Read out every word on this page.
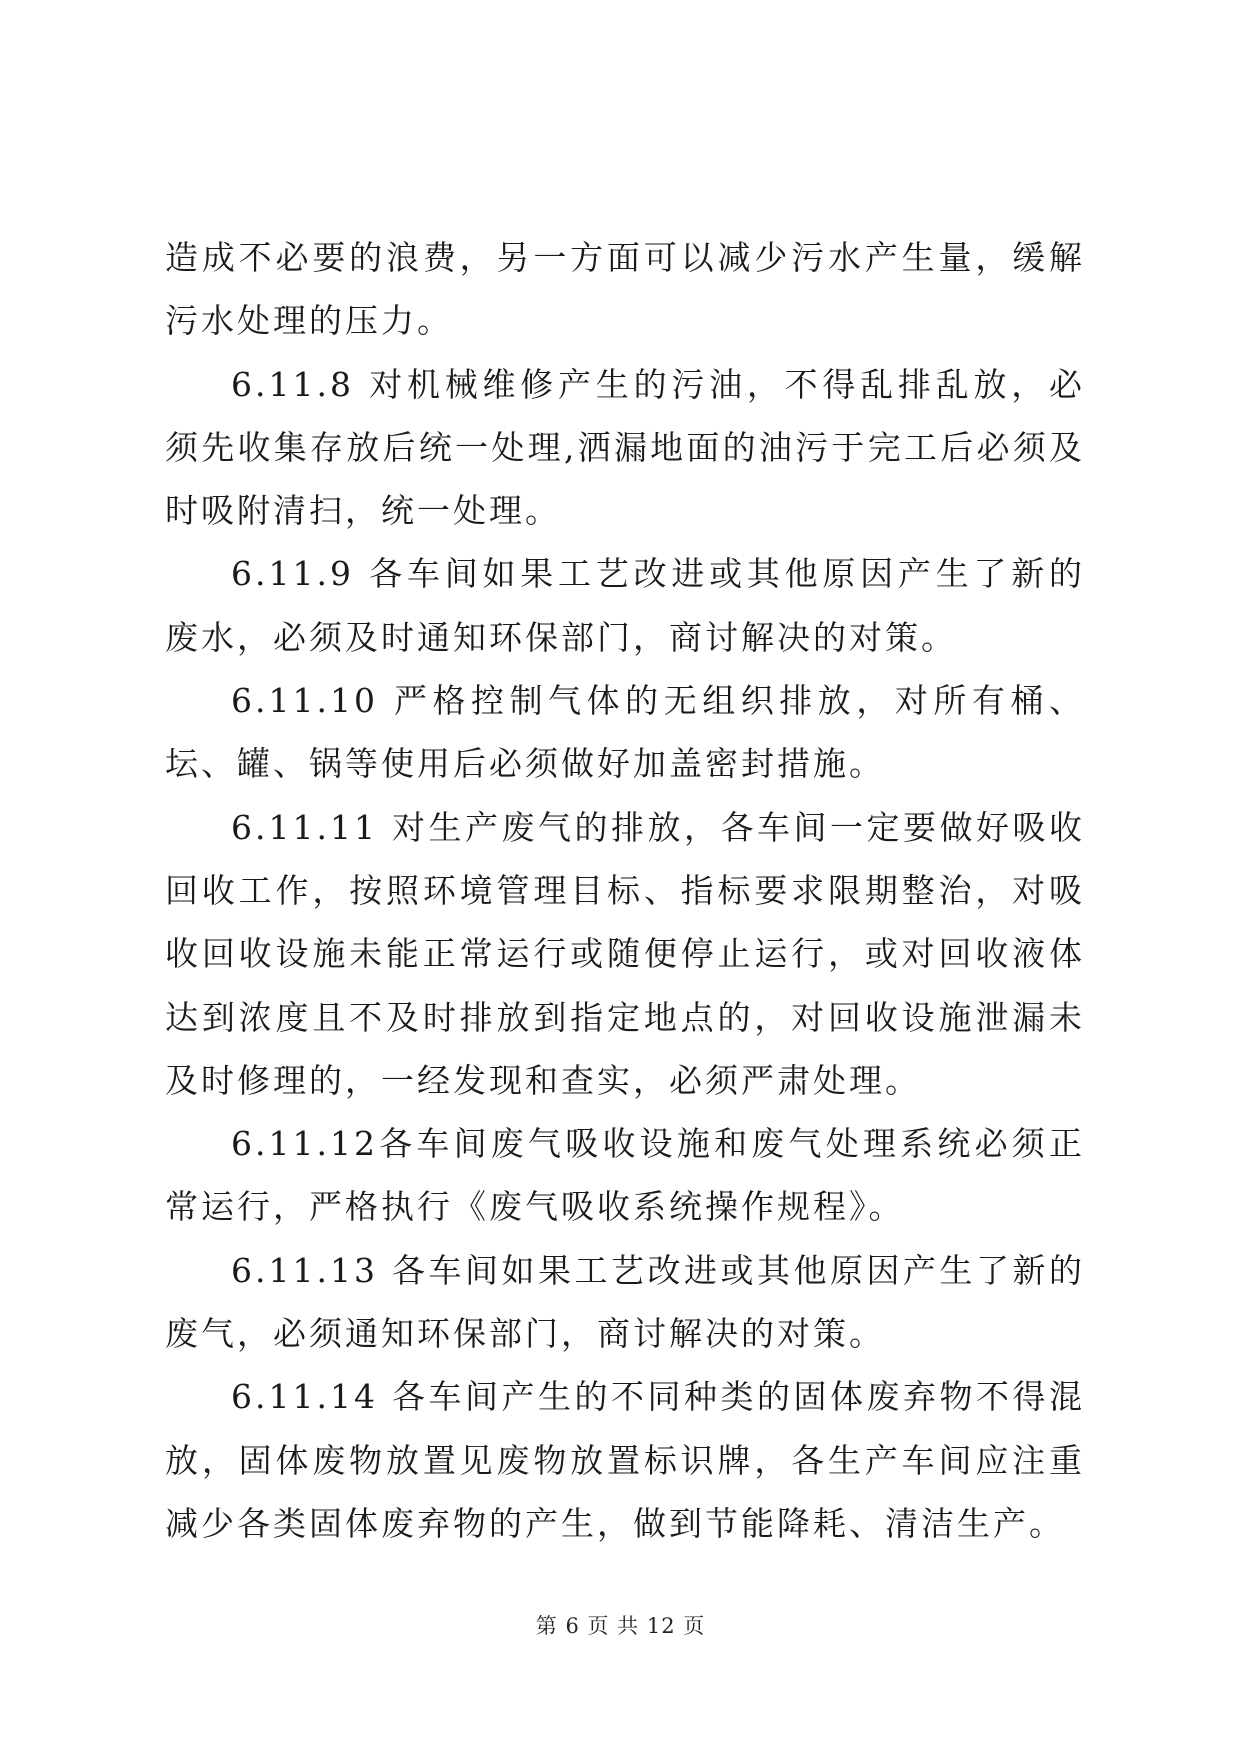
造成不必要的浪费，另一方面可以减少污水产生量，缓解污水处理的压力。

6.11.8 对机械维修产生的污油，不得乱排乱放，必须先收集存放后统一处理,洒漏地面的油污于完工后必须及时吸附清扫，统一处理。

6.11.9 各车间如果工艺改进或其他原因产生了新的废水，必须及时通知环保部门，商讨解决的对策。

6.11.10 严格控制气体的无组织排放，对所有桶、坛、罐、锅等使用后必须做好加盖密封措施。

6.11.11 对生产废气的排放，各车间一定要做好吸收回收工作，按照环境管理目标、指标要求限期整治，对吸收回收设施未能正常运行或随便停止运行，或对回收液体达到浓度且不及时排放到指定地点的，对回收设施泄漏未及时修理的，一经发现和查实，必须严肃处理。

6.11.12各车间废气吸收设施和废气处理系统必须正常运行，严格执行《废气吸收系统操作规程》。

6.11.13 各车间如果工艺改进或其他原因产生了新的废气，必须通知环保部门，商讨解决的对策。

6.11.14 各车间产生的不同种类的固体废弃物不得混放，固体废物放置见废物放置标识牌，各生产车间应注重减少各类固体废弃物的产生，做到节能降耗、清洁生产。

第 6 页 共 12 页
